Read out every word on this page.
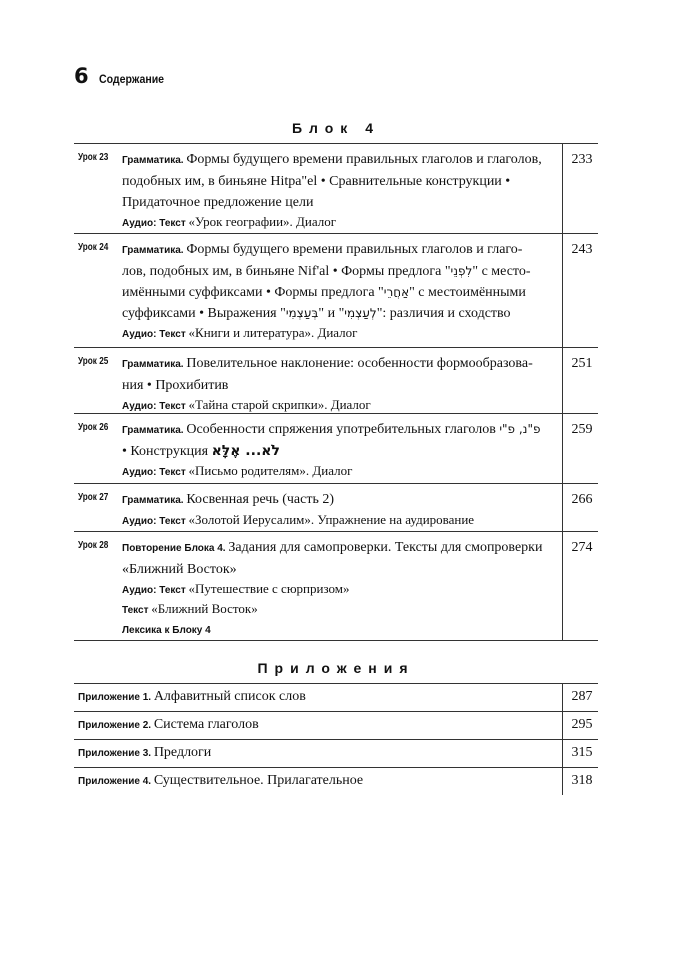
6 Содержание
Блок 4
Урок 23 Грамматика. Формы будущего времени правильных глаголов и глаголов,
подобных им, в биньяне Hitpa"el • Сравнительные конструкции •
Придаточное предложение цели
Аудио: Текст «Урок географии». Диалог
233
Урок 24 Грамматика. Формы будущего времени правильных глаголов и глаго-
лов, подобных им, в биньяне Nif'al • Формы предлога "לִפְנֵי" с место-
имёнными суффиксами • Формы предлога "אַחֲרֵי" с местоимёнными
суффиксами • Выражения "בְּעַצְמִי" и "לְעַצְמִי": различия и сходство
Аудио: Текст «Книги и литература». Диалог
243
Урок 25 Грамматика. Повелительное наклонение: особенности формообразова-
ния • Прохибитив
Аудио: Текст «Тайна старой скрипки». Диалог
251
Урок 26 Грамматика. Особенности спряжения употребительных глаголов פ"נ, פ"י
• Конструкция לֹא... אֶלָּא
Аудио: Текст «Письмо родителям». Диалог
259
Урок 27 Грамматика. Косвенная речь (часть 2)
Аудио: Текст «Золотой Иерусалим». Упражнение на аудирование
266
Урок 28 Повторение Блока 4. Задания для самопроверки. Тексты для смопроверки
«Ближний Восток»
Аудио: Текст «Путешествие с сюрпризом»
Текст «Ближний Восток»
Лексика к Блоку 4
274
Приложения
Приложение 1. Алфавитный список слов	287
Приложение 2. Система глаголов	295
Приложение 3. Предлоги	315
Приложение 4. Существительное. Прилагательное	318
